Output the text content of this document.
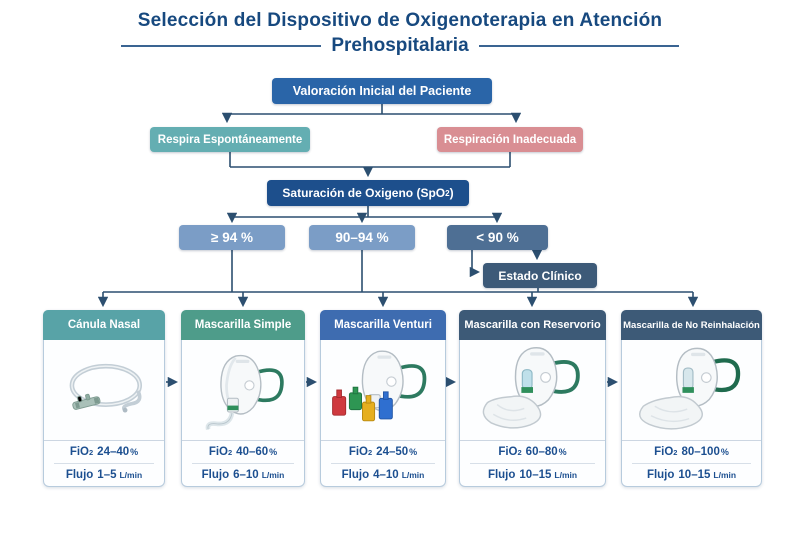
Selección del Dispositivo de Oxigenoterapia en Atención
Prehospitalaria
Valoración Inicial del Paciente
Respira Espontáneamente	Respiración Inadecuada
Saturación de Oxigeno (SpO 2 )
≥ 94 %	90–94 %	< 90 %
Estado Clínico
Cánula Nasal
FiO 2 24–40 %
Flujo 1–5 L/min
Mascarilla Simple
FiO 2 40–60 %
Flujo 6–10 L/min
Mascarilla Venturi
FiO 2 24–50 %
Flujo 4–10 L/min
Mascarilla con Reservorio
FiO 2 60–80 %
Flujo 10–15 L/min
Mascarilla de No Reinhalación
FiO 2 80–100 %
Flujo 10–15 L/min
